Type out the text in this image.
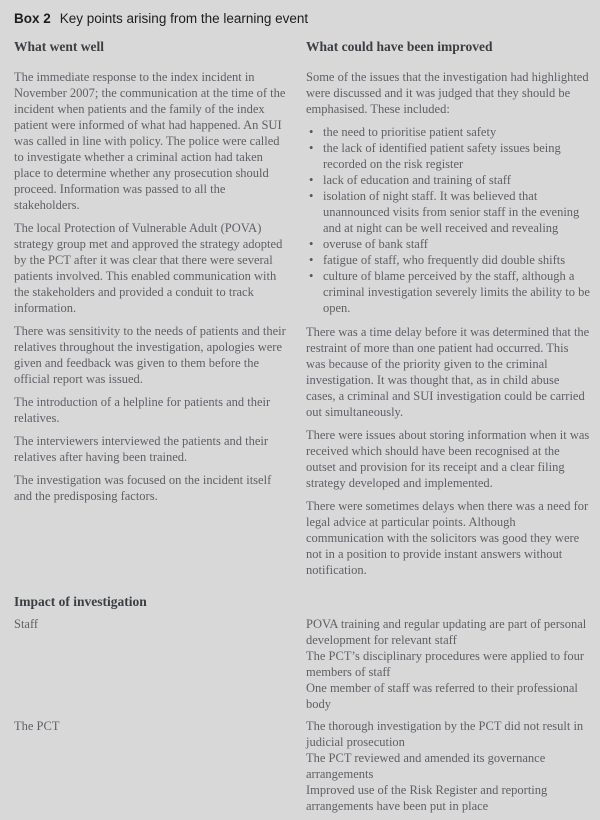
Box 2 Key points arising from the learning event
What went well

The immediate response to the index incident in November 2007; the communication at the time of the incident when patients and the family of the index patient were informed of what had happened. An SUI was called in line with policy. The police were called to investigate whether a criminal action had taken place to determine whether any prosecution should proceed. Information was passed to all the stakeholders.

The local Protection of Vulnerable Adult (POVA) strategy group met and approved the strategy adopted by the PCT after it was clear that there were several patients involved. This enabled communication with the stakeholders and provided a conduit to track information.

There was sensitivity to the needs of patients and their relatives throughout the investigation, apologies were given and feedback was given to them before the official report was issued.

The introduction of a helpline for patients and their relatives.

The interviewers interviewed the patients and their relatives after having been trained.

The investigation was focused on the incident itself and the predisposing factors.

What could have been improved

Some of the issues that the investigation had highlighted were discussed and it was judged that they should be emphasised. These included:

• the need to prioritise patient safety
• the lack of identified patient safety issues being recorded on the risk register
• lack of education and training of staff
• isolation of night staff. It was believed that unannounced visits from senior staff in the evening and at night can be well received and revealing
• overuse of bank staff
• fatigue of staff, who frequently did double shifts
• culture of blame perceived by the staff, although a criminal investigation severely limits the ability to be open.

There was a time delay before it was determined that the restraint of more than one patient had occurred. This was because of the priority given to the criminal investigation. It was thought that, as in child abuse cases, a criminal and SUI investigation could be carried out simultaneously.

There were issues about storing information when it was received which should have been recognised at the outset and provision for its receipt and a clear filing strategy developed and implemented.

There were sometimes delays when there was a need for legal advice at particular points. Although communication with the solicitors was good they were not in a position to provide instant answers without notification.

Impact of investigation
Staff	POVA training and regular updating are part of personal development for relevant staff
The PCT’s disciplinary procedures were applied to four members of staff
One member of staff was referred to their professional body
The PCT	The thorough investigation by the PCT did not result in judicial prosecution
The PCT reviewed and amended its governance arrangements
Improved use of the Risk Register and reporting arrangements have been put in place
